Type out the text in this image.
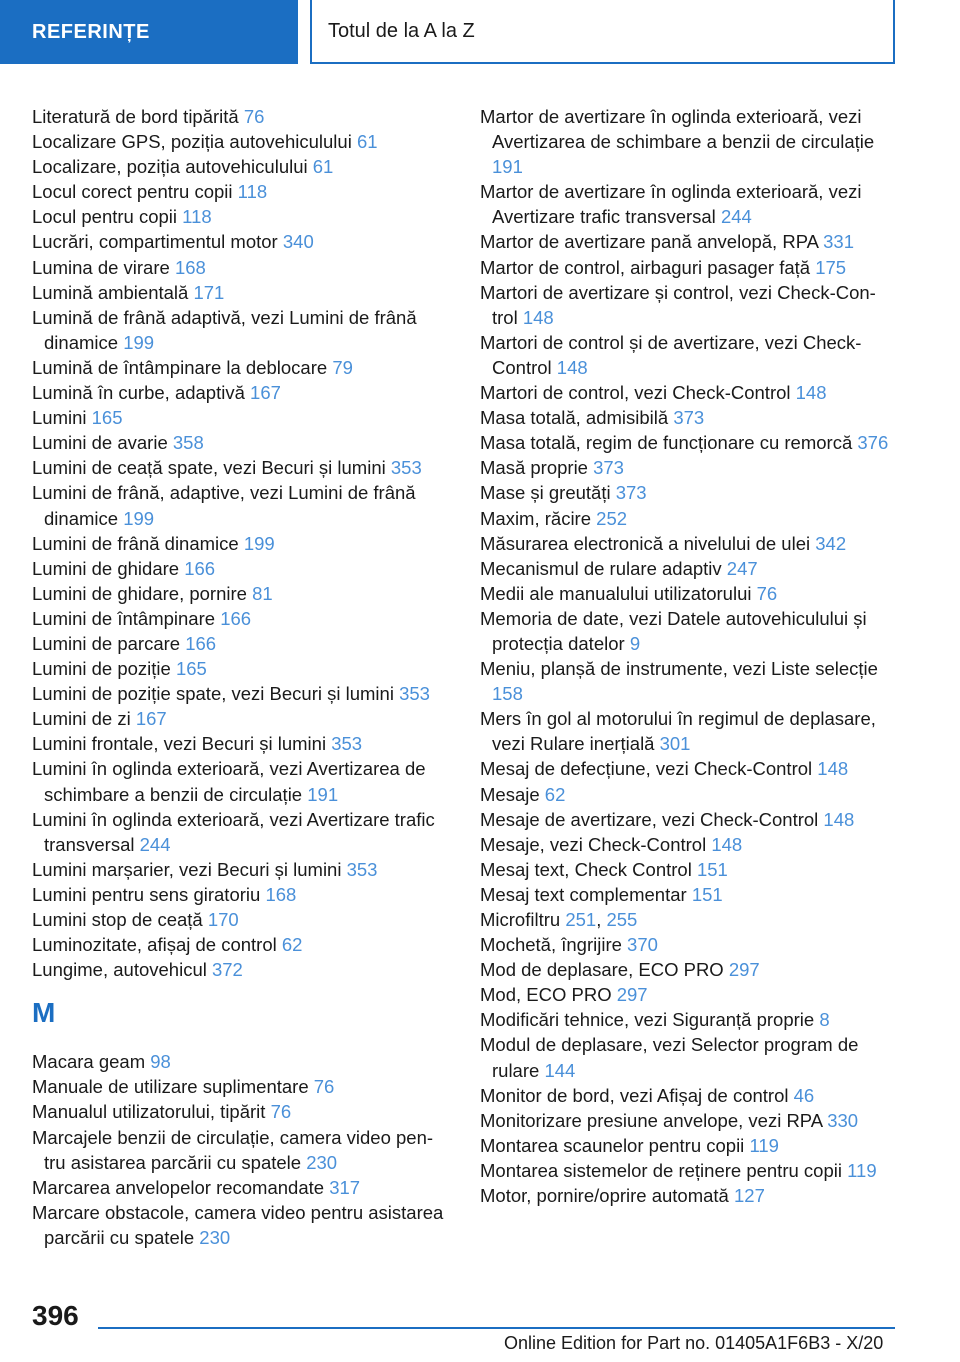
REFERINȚE	Totul de la A la Z
Literatură de bord tipărită 76
Localizare GPS, poziția autovehiculului 61
Localizare, poziția autovehiculului 61
Locul corect pentru copii 118
Locul pentru copii 118
Lucrări, compartimentul motor 340
Lumina de virare 168
Lumină ambientală 171
Lumină de frână adaptivă, vezi Lumini de frână dinamice 199
Lumină de întâmpinare la deblocare 79
Lumină în curbe, adaptivă 167
Lumini 165
Lumini de avarie 358
Lumini de ceață spate, vezi Becuri și lumini 353
Lumini de frână, adaptive, vezi Lumini de frână dinamice 199
Lumini de frână dinamice 199
Lumini de ghidare 166
Lumini de ghidare, pornire 81
Lumini de întâmpinare 166
Lumini de parcare 166
Lumini de poziție 165
Lumini de poziție spate, vezi Becuri și lumini 353
Lumini de zi 167
Lumini frontale, vezi Becuri și lumini 353
Lumini în oglinda exterioară, vezi Avertizarea de schimbare a benzii de circulație 191
Lumini în oglinda exterioară, vezi Avertizare trafic transversal 244
Lumini marșarier, vezi Becuri și lumini 353
Lumini pentru sens giratoriu 168
Lumini stop de ceață 170
Luminozitate, afișaj de control 62
Lungime, autovehicul 372
M
Macara geam 98
Manuale de utilizare suplimentare 76
Manualul utilizatorului, tipărit 76
Marcajele benzii de circulație, camera video pentru asistarea parcării cu spatele 230
Marcarea anvelopelor recomandate 317
Marcare obstacole, camera video pentru asistarea parcării cu spatele 230
Martor de avertizare în oglinda exterioară, vezi Avertizarea de schimbare a benzii de circulație 191
Martor de avertizare în oglinda exterioară, vezi Avertizare trafic transversal 244
Martor de avertizare pană anvelopă, RPA 331
Martor de control, airbaguri pasager față 175
Martori de avertizare și control, vezi Check-Control 148
Martori de control și de avertizare, vezi Check-Control 148
Martori de control, vezi Check-Control 148
Masa totală, admisibilă 373
Masa totală, regim de funcționare cu remorcă 376
Masă proprie 373
Mase și greutăți 373
Maxim, răcire 252
Măsurarea electronică a nivelului de ulei 342
Mecanismul de rulare adaptiv 247
Medii ale manualului utilizatorului 76
Memoria de date, vezi Datele autovehiculului și protecția datelor 9
Meniu, planșă de instrumente, vezi Liste selecție 158
Mers în gol al motorului în regimul de deplasare, vezi Rulare inerțială 301
Mesaj de defecțiune, vezi Check-Control 148
Mesaje 62
Mesaje de avertizare, vezi Check-Control 148
Mesaje, vezi Check-Control 148
Mesaj text, Check Control 151
Mesaj text complementar 151
Microfiltru 251, 255
Mochetă, îngrijire 370
Mod de deplasare, ECO PRO 297
Mod, ECO PRO 297
Modificări tehnice, vezi Siguranță proprie 8
Modul de deplasare, vezi Selector program de rulare 144
Monitor de bord, vezi Afișaj de control 46
Monitorizare presiune anvelope, vezi RPA 330
Montarea scaunelor pentru copii 119
Montarea sistemelor de reținere pentru copii 119
Motor, pornire/oprire automată 127
396
Online Edition for Part no. 01405A1F6B3 - X/20
